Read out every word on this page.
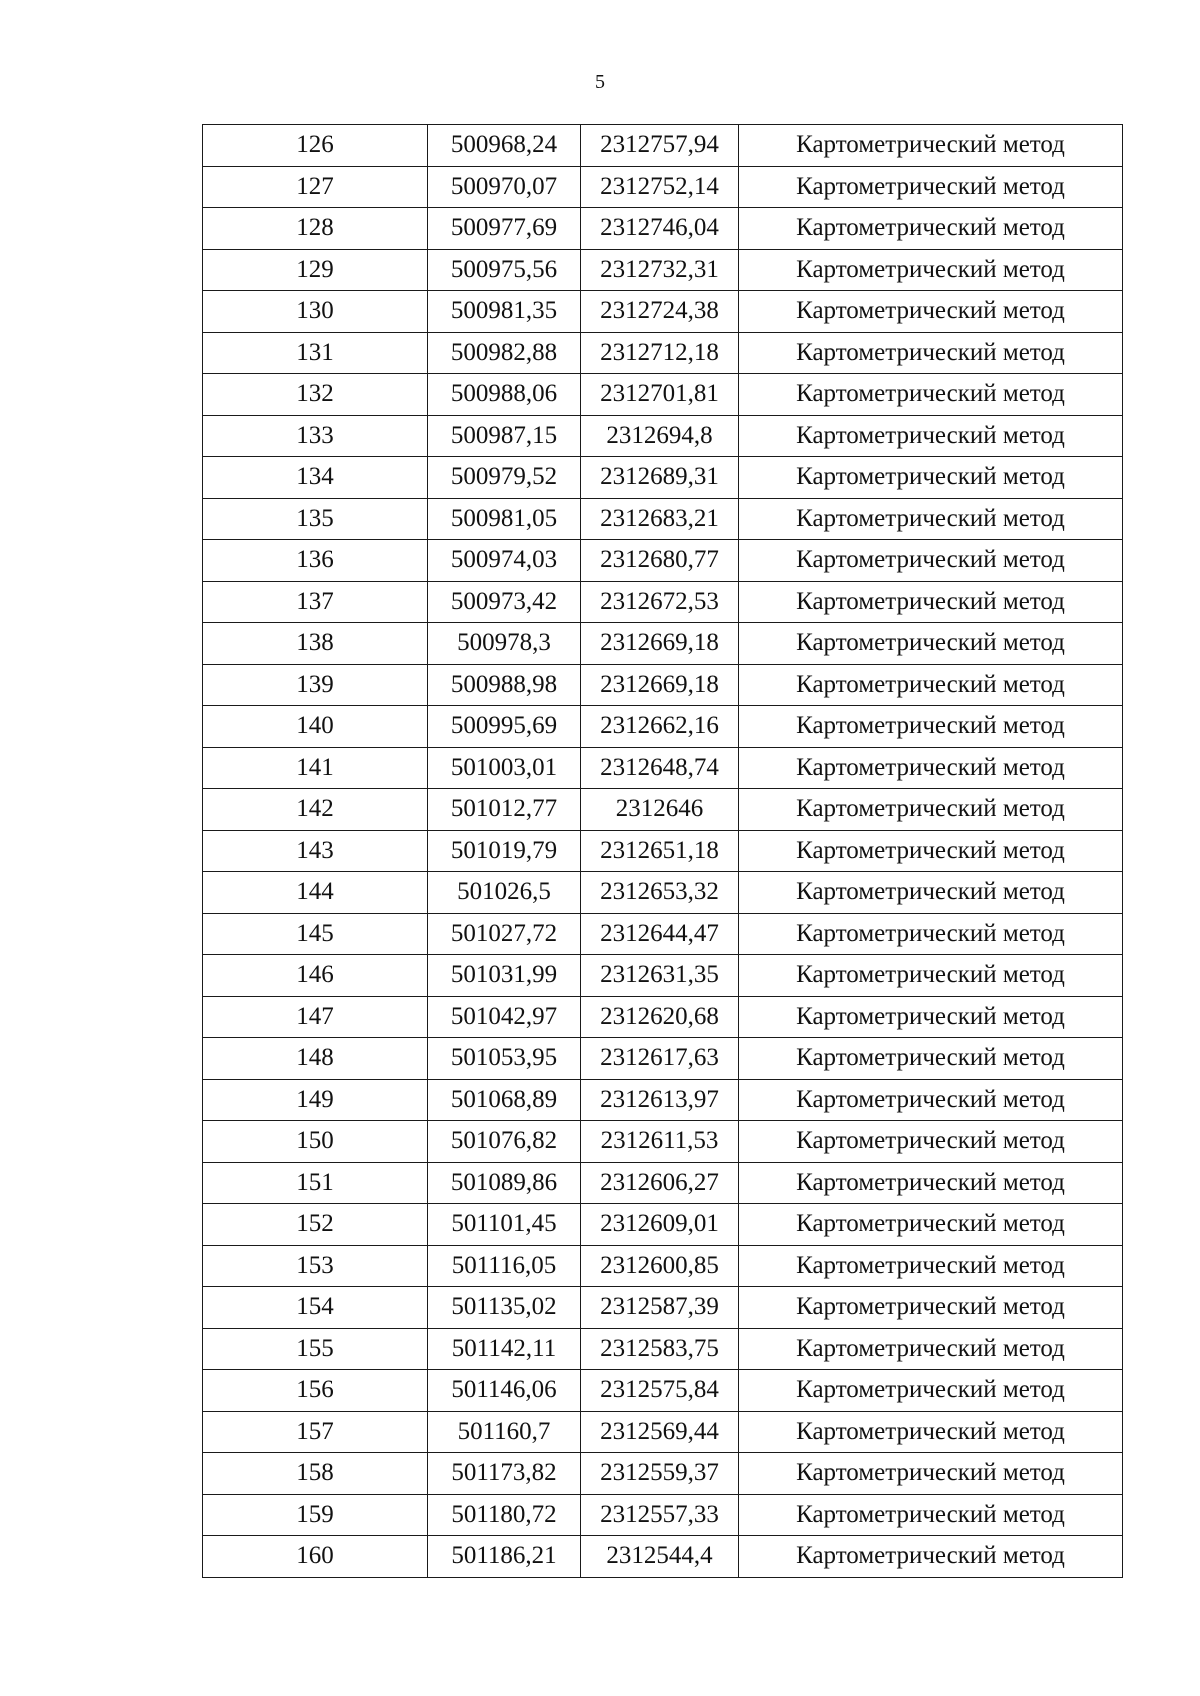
5
126	500968,24	2312757,94	Картометрический метод
127	500970,07	2312752,14	Картометрический метод
128	500977,69	2312746,04	Картометрический метод
129	500975,56	2312732,31	Картометрический метод
130	500981,35	2312724,38	Картометрический метод
131	500982,88	2312712,18	Картометрический метод
132	500988,06	2312701,81	Картометрический метод
133	500987,15	2312694,8	Картометрический метод
134	500979,52	2312689,31	Картометрический метод
135	500981,05	2312683,21	Картометрический метод
136	500974,03	2312680,77	Картометрический метод
137	500973,42	2312672,53	Картометрический метод
138	500978,3	2312669,18	Картометрический метод
139	500988,98	2312669,18	Картометрический метод
140	500995,69	2312662,16	Картометрический метод
141	501003,01	2312648,74	Картометрический метод
142	501012,77	2312646	Картометрический метод
143	501019,79	2312651,18	Картометрический метод
144	501026,5	2312653,32	Картометрический метод
145	501027,72	2312644,47	Картометрический метод
146	501031,99	2312631,35	Картометрический метод
147	501042,97	2312620,68	Картометрический метод
148	501053,95	2312617,63	Картометрический метод
149	501068,89	2312613,97	Картометрический метод
150	501076,82	2312611,53	Картометрический метод
151	501089,86	2312606,27	Картометрический метод
152	501101,45	2312609,01	Картометрический метод
153	501116,05	2312600,85	Картометрический метод
154	501135,02	2312587,39	Картометрический метод
155	501142,11	2312583,75	Картометрический метод
156	501146,06	2312575,84	Картометрический метод
157	501160,7	2312569,44	Картометрический метод
158	501173,82	2312559,37	Картометрический метод
159	501180,72	2312557,33	Картометрический метод
160	501186,21	2312544,4	Картометрический метод
